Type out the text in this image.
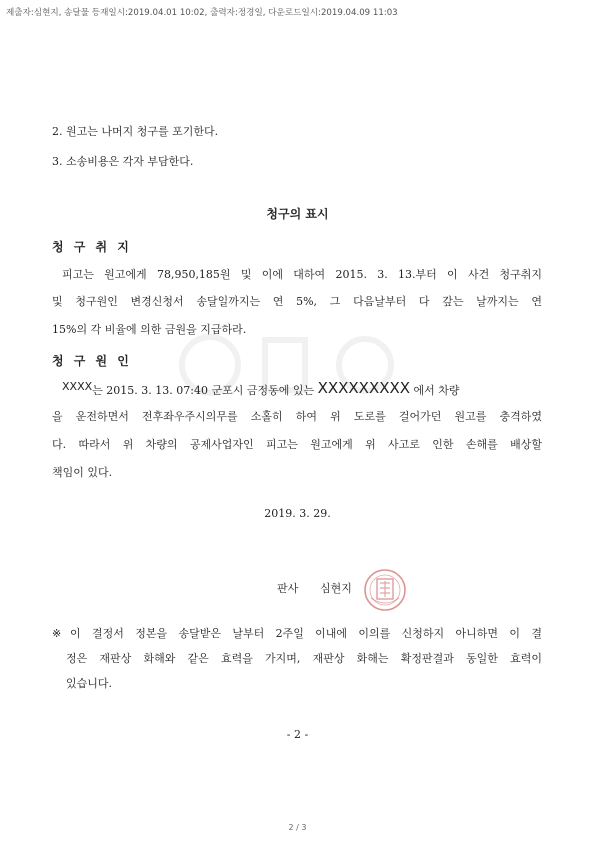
제출자:심현지, 송달물 등재일시:2019.04.01 10:02, 출력자:정경일, 다운로드일시:2019.04.09 11:03
2. 원고는 나머지 청구를 포기한다.
3. 소송비용은 각자 부담한다.
청구의 표시
청 구 취 지
피고는 원고에게 78,950,185원 및 이에 대하여 2015. 3. 13.부터 이 사건 청구취지
및 청구원인 변경신청서 송달일까지는 연 5%, 그 다음날부터 다 갚는 날까지는 연
15%의 각 비율에 의한 금원을 지급하라.
청 구 원 인
XXXX는 2015. 3. 13. 07:40 군포시 금정동에 있는 XXXXXXXXX 에서 차량
을 운전하면서 전후좌우주시의무를 소홀히 하여 위 도로를 걸어가던 원고를 충격하였
다. 따라서 위 차량의 공제사업자인 피고는 원고에게 위 사고로 인한 손해를 배상할
책임이 있다.
2019. 3. 29.
판사 심현지
※ 이 결정서 정본을 송달받은 날부터 2주일 이내에 이의를 신청하지 아니하면 이 결
정은 재판상 화해와 같은 효력을 가지며, 재판상 화해는 확정판결과 동일한 효력이
있습니다.
- 2 -
2 / 3
